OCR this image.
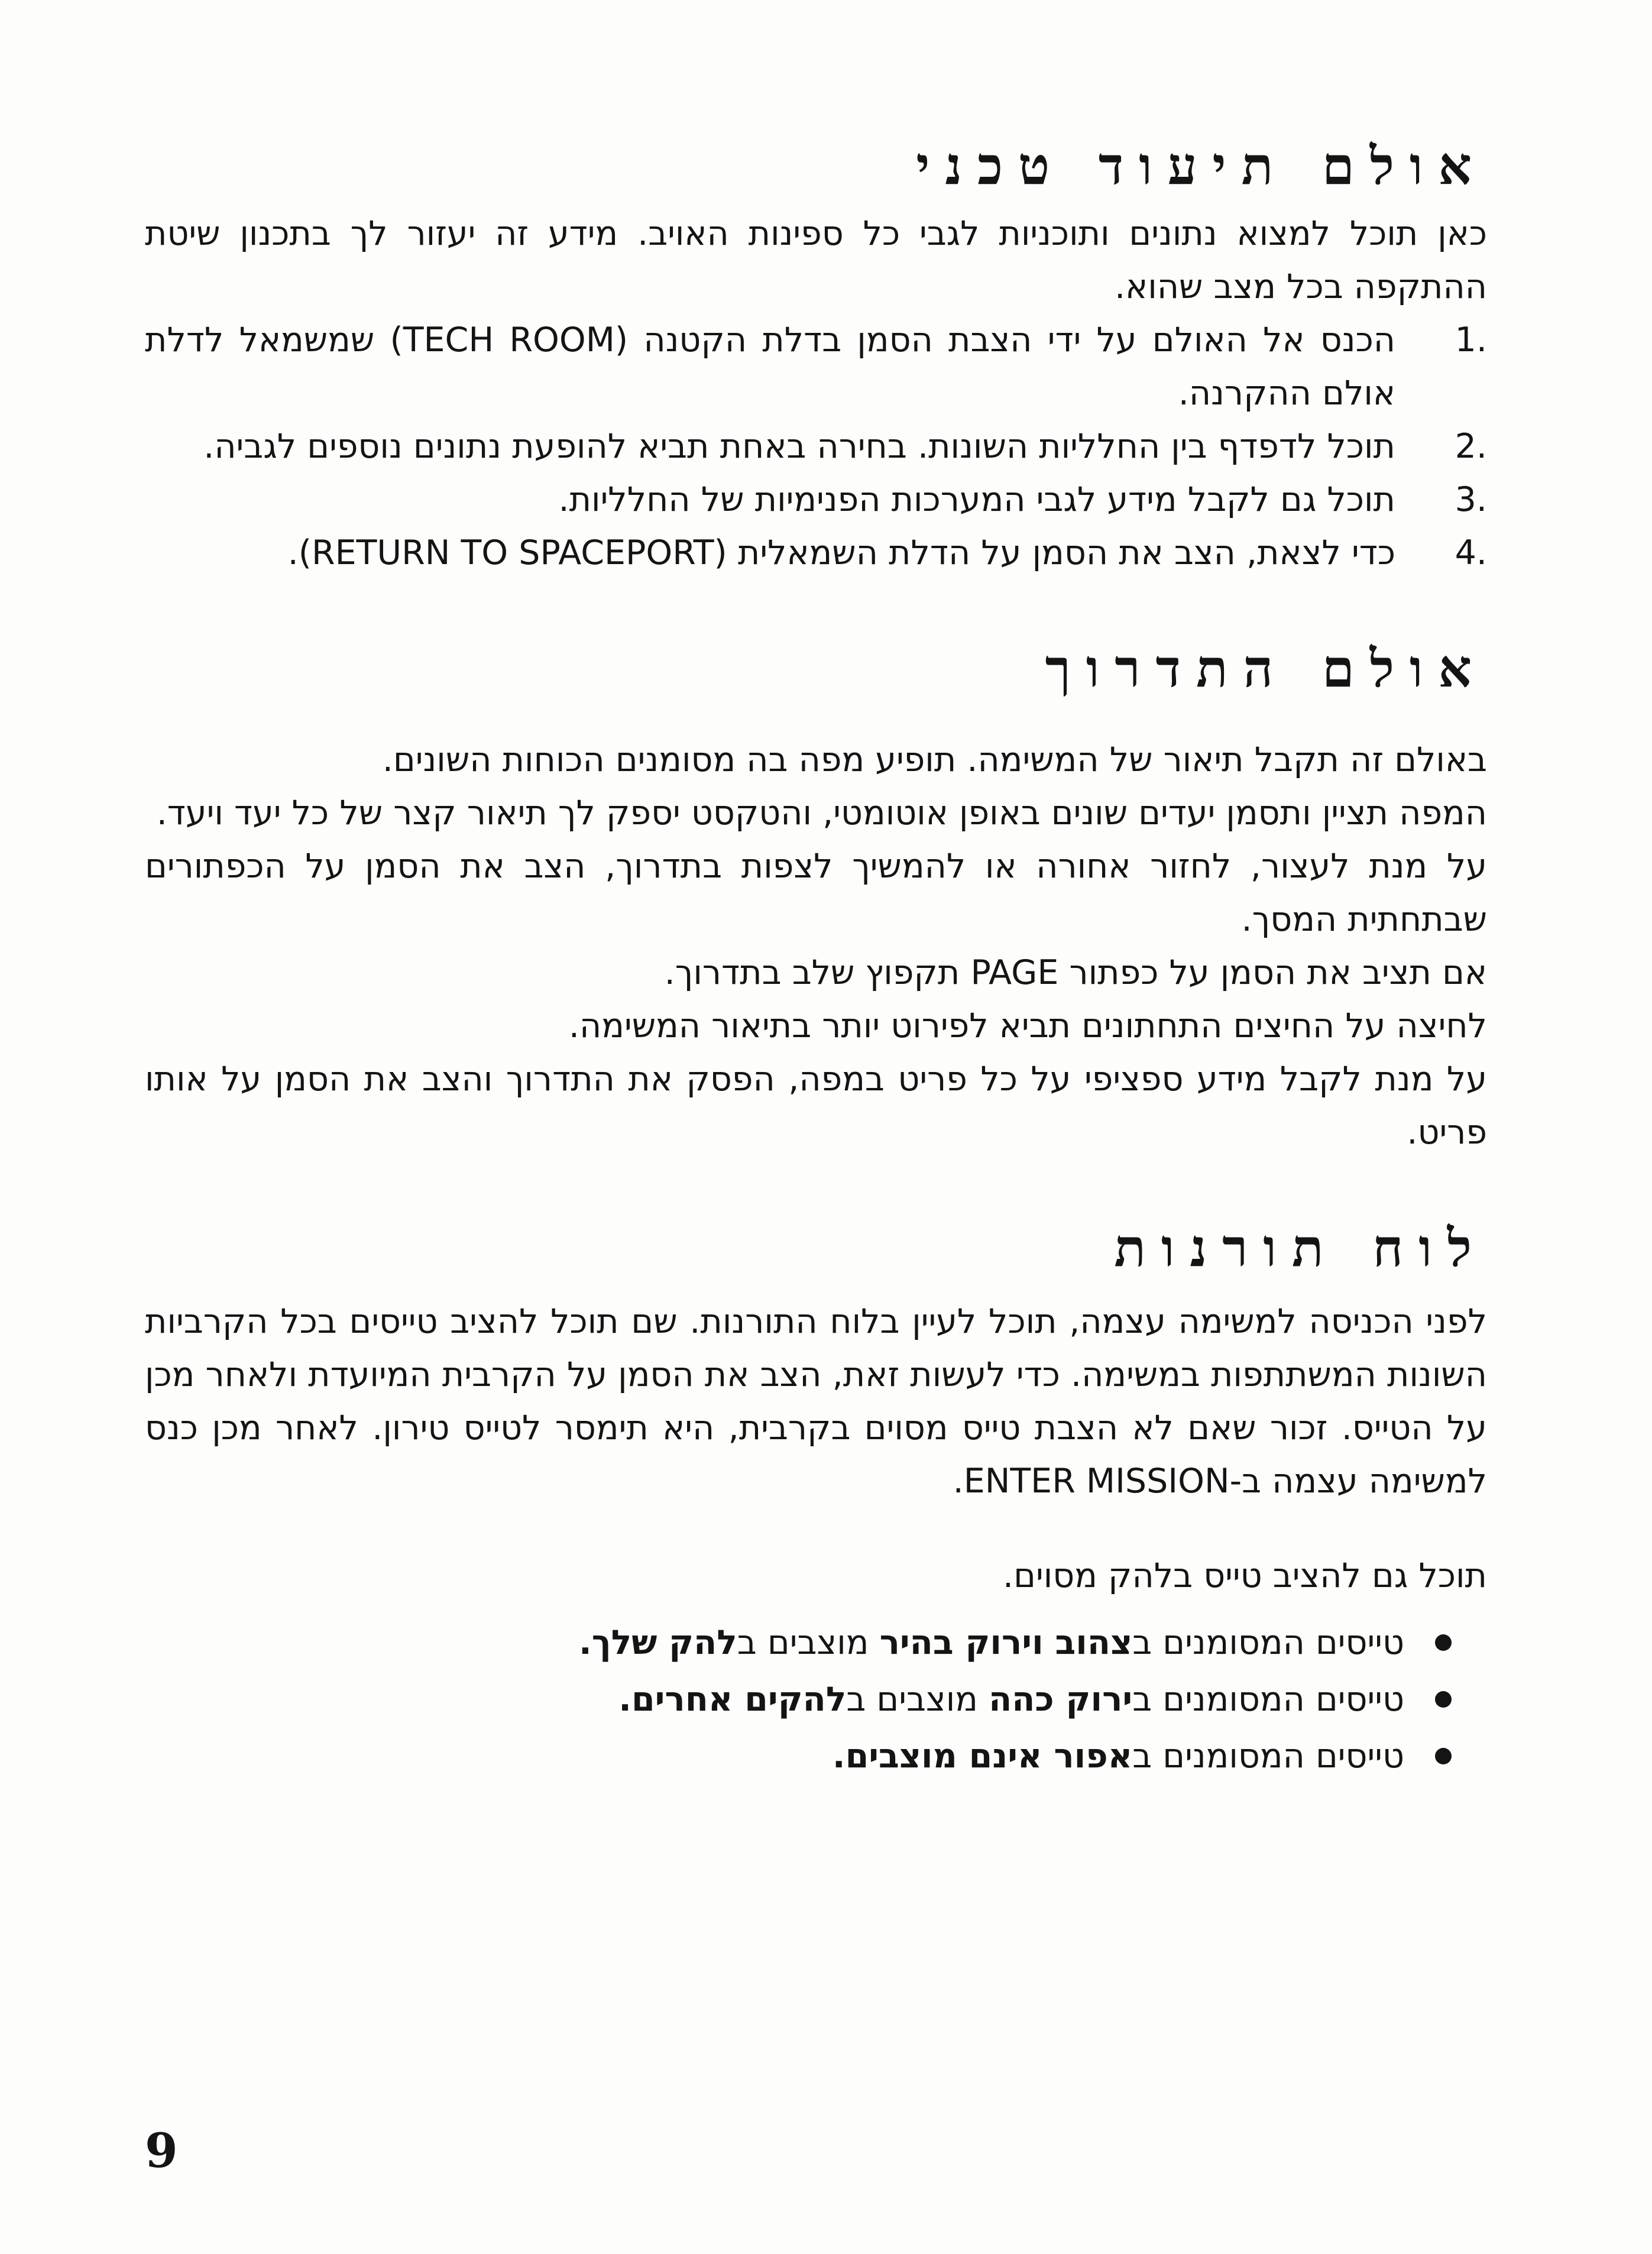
אולם תיעוד טכני

כאן תוכל למצוא נתונים ותוכניות לגבי כל ספינות האויב. מידע זה יעזור לך בתכנון שיטת ההתקפה בכל מצב שהוא.

1.
הכנס אל האולם על ידי הצבת הסמן בדלת הקטנה (TECH ROOM) שמשמאל לדלת אולם ההקרנה.
2.
תוכל לדפדף בין החלליות השונות. בחירה באחת תביא להופעת נתונים נוספים לגביה.
3.
תוכל גם לקבל מידע לגבי המערכות הפנימיות של החלליות.
4.
כדי לצאת, הצב את הסמן על הדלת השמאלית (RETURN TO SPACEPORT).
אולם התדרוך

באולם זה תקבל תיאור של המשימה. תופיע מפה בה מסומנים הכוחות השונים.

המפה תציין ותסמן יעדים שונים באופן אוטומטי, והטקסט יספק לך תיאור קצר של כל יעד ויעד.

על מנת לעצור, לחזור אחורה או להמשיך לצפות בתדרוך, הצב את הסמן על הכפתורים שבתחתית המסך.

אם תציב את הסמן על כפתור PAGE תקפוץ שלב בתדרוך.

לחיצה על החיצים התחתונים תביא לפירוט יותר בתיאור המשימה.

על מנת לקבל מידע ספציפי על כל פריט במפה, הפסק את התדרוך והצב את הסמן על אותו פריט.

לוח תורנות

לפני הכניסה למשימה עצמה, תוכל לעיין בלוח התורנות. שם תוכל להציב טייסים בכל הקרביות השונות המשתתפות במשימה. כדי לעשות זאת, הצב את הסמן על הקרבית המיועדת ולאחר מכן על הטייס. זכור שאם לא הצבת טייס מסוים בקרבית, היא תימסר לטייס טירון. לאחר מכן כנס למשימה עצמה ב-ENTER MISSION.

תוכל גם להציב טייס בלהק מסוים.

טייסים המסומנים בצהוב וירוק בהיר מוצבים בלהק שלך.
טייסים המסומנים בירוק כהה מוצבים בלהקים אחרים.
טייסים המסומנים באפור אינם מוצבים.
9
